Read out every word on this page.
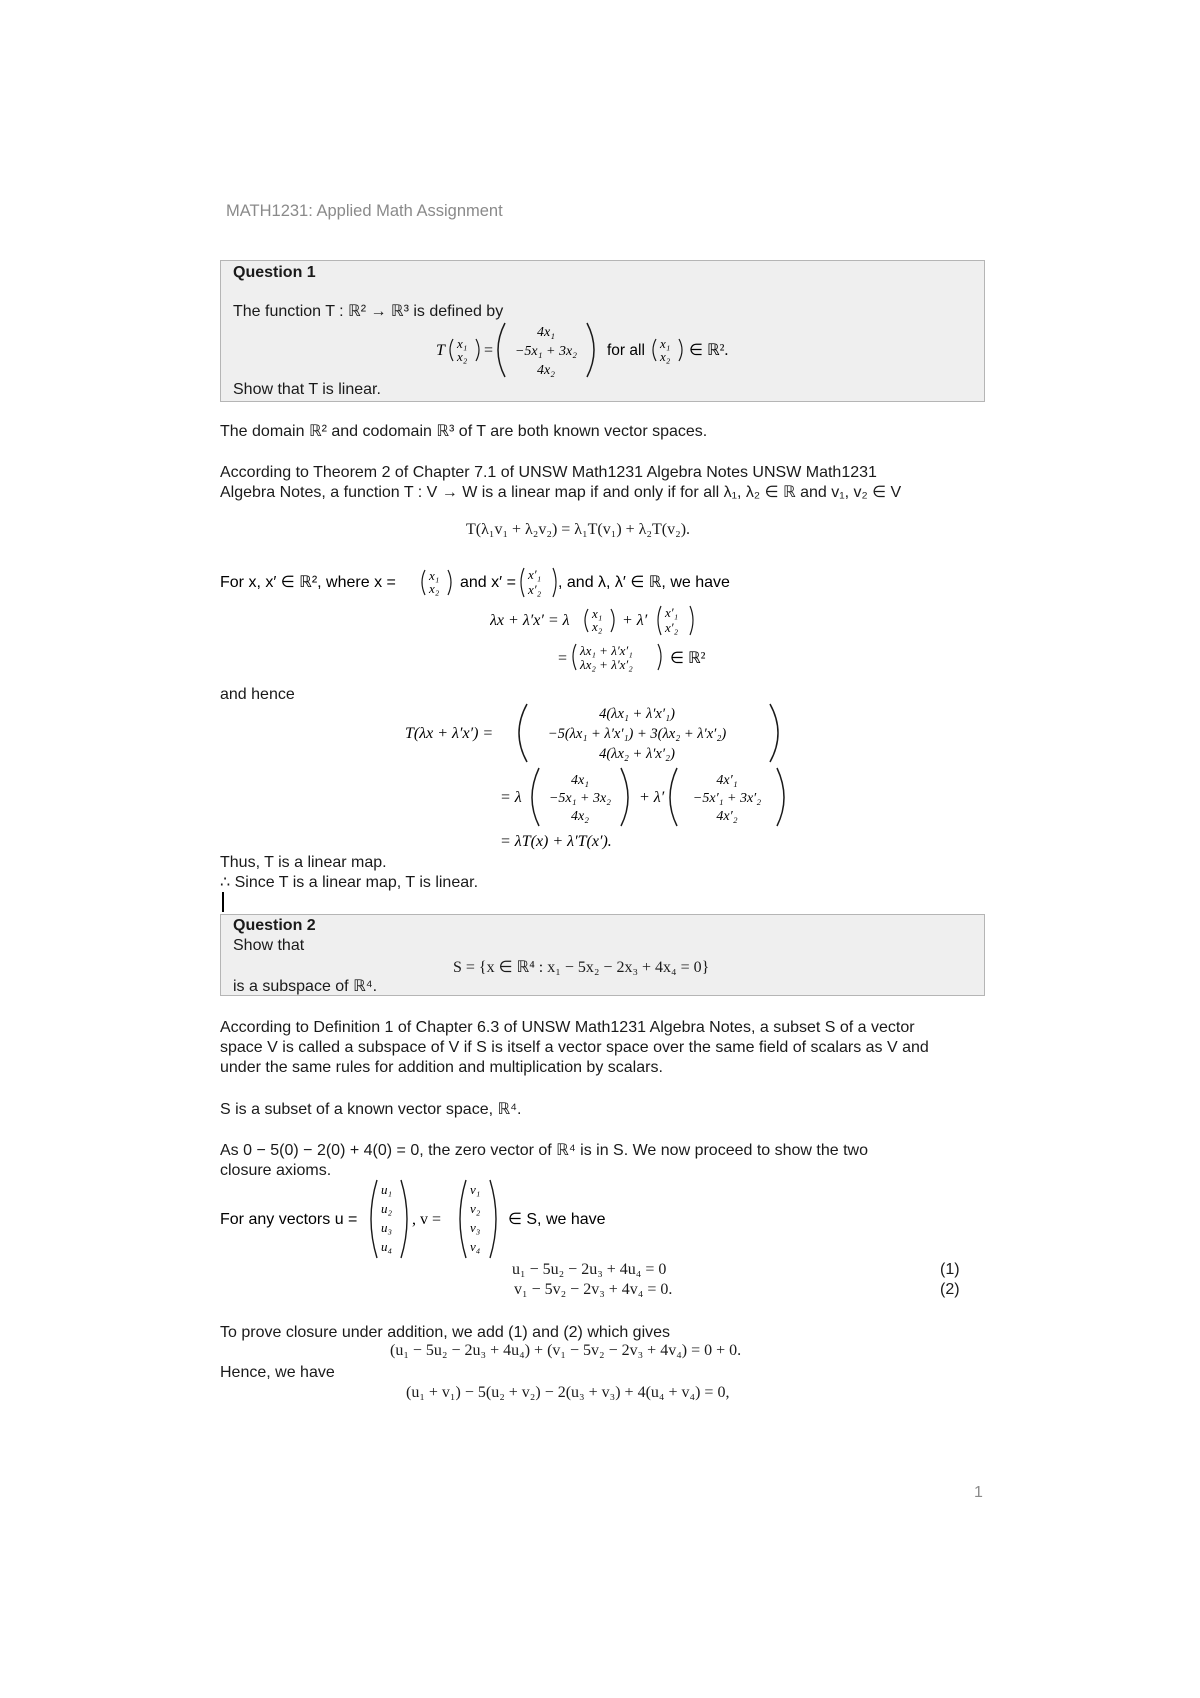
MATH1231: Applied Math Assignment
Question 1
The function T : ℝ² → ℝ³ is defined by
T x₁
x₂ =
4x₁
−5x₁ + 3x₂
4x₂
for all x₁
x₂ ∈ ℝ².
Show that T is linear.
The domain ℝ² and codomain ℝ³ of T are both known vector spaces.
According to Theorem 2 of Chapter 7.1 of UNSW Math1231 Algebra Notes UNSW Math1231
Algebra Notes, a function T : V → W is a linear map if and only if for all λ₁, λ₂ ∈ ℝ and v₁, v₂ ∈ V
T(λ₁v₁ + λ₂v₂) = λ₁T(v₁) + λ₂T(v₂).
For x, x′ ∈ ℝ², where x =	x₁
x₂ and x′ = x′₁
x′₂ , and λ, λ′ ∈ ℝ, we have
λx + λ′x′ = λ x₁
x₂ + λ′ x′₁
x′₂
= λx₁ + λ′x′₁
λx₂ + λ′x′₂ ∈ ℝ²
and hence
T(λx + λ′x′) =
4(λx₁ + λ′x′₁)
−5(λx₁ + λ′x′₁) + 3(λx₂ + λ′x′₂)
4(λx₂ + λ′x′₂)
= λ
4x₁
−5x₁ + 3x₂
4x₂
+ λ′
4x′₁
−5x′₁ + 3x′₂
4x′₂
= λT(x) + λ′T(x′).
Thus, T is a linear map.
∴ Since T is a linear map, T is linear.
Question 2
Show that
S = {x ∈ ℝ⁴ : x₁ − 5x₂ − 2x₃ + 4x₄ = 0}
is a subspace of ℝ⁴.
According to Definition 1 of Chapter 6.3 of UNSW Math1231 Algebra Notes, a subset S of a vector
space V is called a subspace of V if S is itself a vector space over the same field of scalars as V and
under the same rules for addition and multiplication by scalars.
S is a subset of a known vector space, ℝ⁴.
As 0 − 5(0) − 2(0) + 4(0) = 0, the zero vector of ℝ⁴ is in S. We now proceed to show the two
closure axioms.
For any vectors u =
u₁
u₂
u₃
u₄
, v =
v₁
v₂
v₃
v₄
∈ S, we have
u₁ − 5u₂ − 2u₃ + 4u₄ = 0	(1)
v₁ − 5v₂ − 2v₃ + 4v₄ = 0.	(2)
To prove closure under addition, we add (1) and (2) which gives
(u₁ − 5u₂ − 2u₃ + 4u₄) + (v₁ − 5v₂ − 2v₃ + 4v₄) = 0 + 0.
Hence, we have
(u₁ + v₁) − 5(u₂ + v₂) − 2(u₃ + v₃) + 4(u₄ + v₄) = 0,
1
